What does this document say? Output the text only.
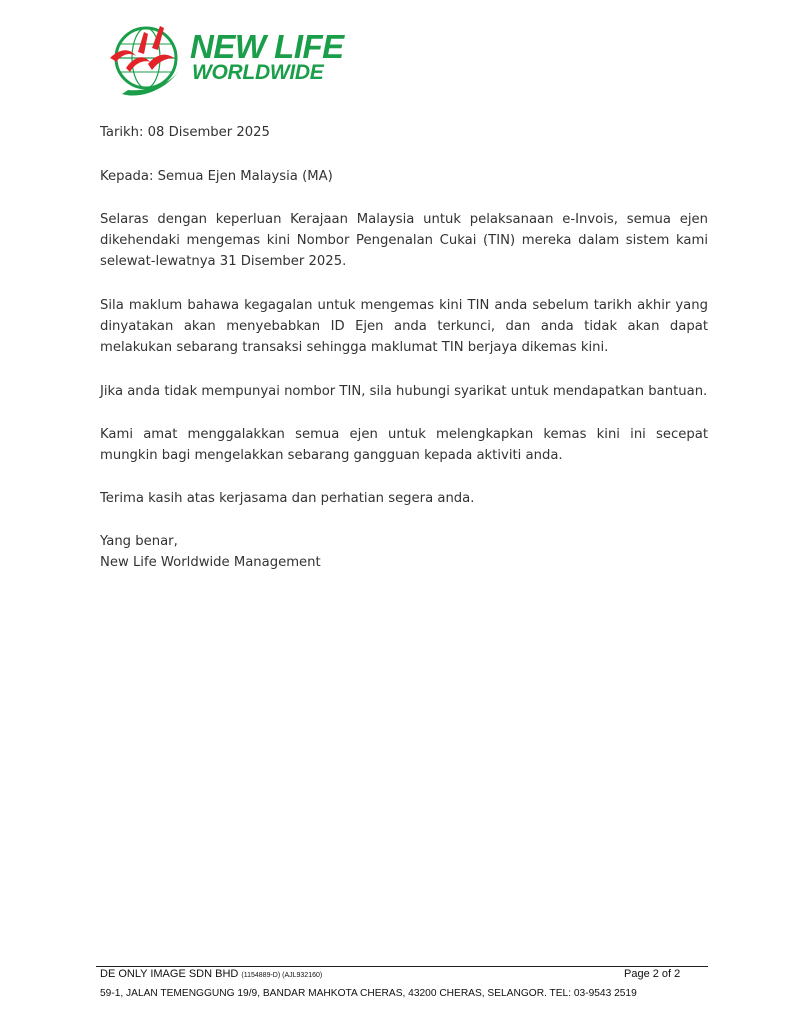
NEW LIFE
WORLDWIDE

Tarikh: 08 Disember 2025

Kepada: Semua Ejen Malaysia (MA)

Selaras dengan keperluan Kerajaan Malaysia untuk pelaksanaan e-Invois, semua ejen dikehendaki mengemas kini Nombor Pengenalan Cukai (TIN) mereka dalam sistem kami selewat-lewatnya 31 Disember 2025.

Sila maklum bahawa kegagalan untuk mengemas kini TIN anda sebelum tarikh akhir yang dinyatakan akan menyebabkan ID Ejen anda terkunci, dan anda tidak akan dapat melakukan sebarang transaksi sehingga maklumat TIN berjaya dikemas kini.

Jika anda tidak mempunyai nombor TIN, sila hubungi syarikat untuk mendapatkan bantuan.

Kami amat menggalakkan semua ejen untuk melengkapkan kemas kini ini secepat mungkin bagi mengelakkan sebarang gangguan kepada aktiviti anda.

Terima kasih atas kerjasama dan perhatian segera anda.

Yang benar,

New Life Worldwide Management

DE ONLY IMAGE SDN BHD (1154889-D) (AJL932160)	Page 2 of 2
59-1, JALAN TEMENGGUNG 19/9, BANDAR MAHKOTA CHERAS, 43200 CHERAS, SELANGOR. TEL: 03-9543 2519
